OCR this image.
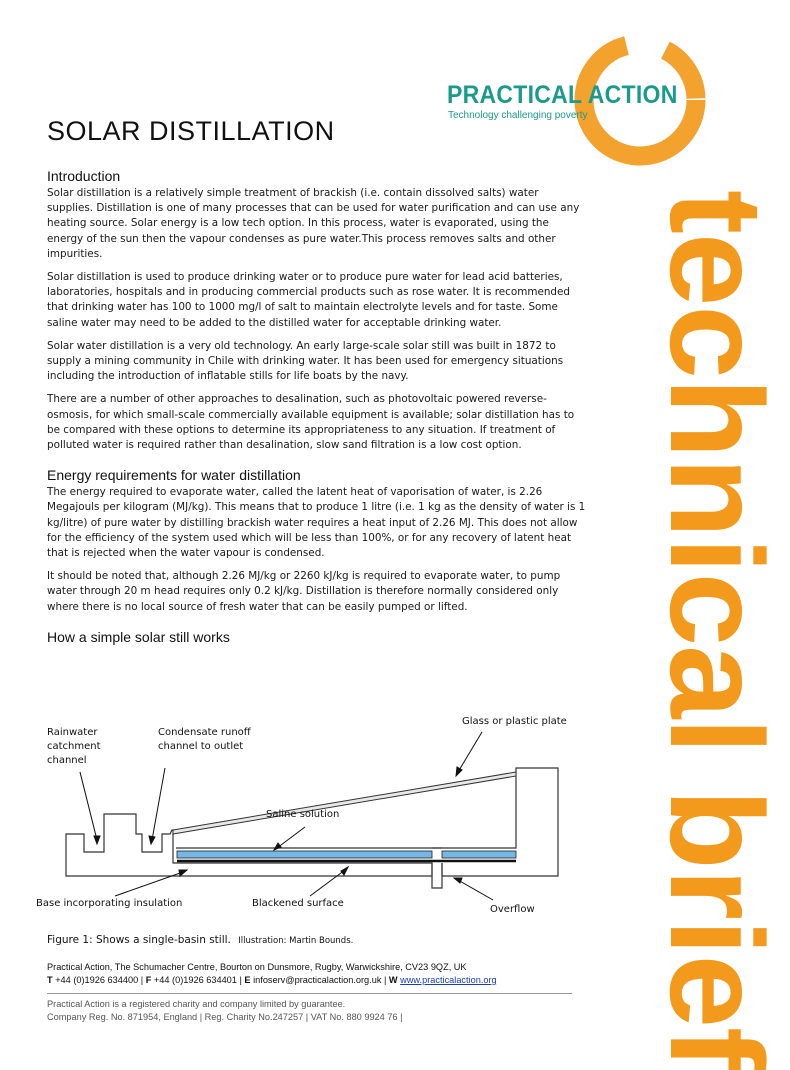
PRACTICAL ACTION
Technology challenging poverty
technical brief
SOLAR DISTILLATION
Introduction

Solar distillation is a relatively simple treatment of brackish (i.e. contain dissolved salts) water supplies. Distillation is one of many processes that can be used for water purification and can use any heating source. Solar energy is a low tech option. In this process, water is evaporated, using the energy of the sun then the vapour condenses as pure water.This process removes salts and other impurities.

Solar distillation is used to produce drinking water or to produce pure water for lead acid batteries, laboratories, hospitals and in producing commercial products such as rose water. It is recommended that drinking water has 100 to 1000 mg/l of salt to maintain electrolyte levels and for taste. Some saline water may need to be added to the distilled water for acceptable drinking water.

Solar water distillation is a very old technology. An early large-scale solar still was built in 1872 to supply a mining community in Chile with drinking water. It has been used for emergency situations including the introduction of inflatable stills for life boats by the navy.

There are a number of other approaches to desalination, such as photovoltaic powered reverse-osmosis, for which small-scale commercially available equipment is available; solar distillation has to be compared with these options to determine its appropriateness to any situation. If treatment of polluted water is required rather than desalination, slow sand filtration is a low cost option.

Energy requirements for water distillation

The energy required to evaporate water, called the latent heat of vaporisation of water, is 2.26 Megajouls per kilogram (MJ/kg). This means that to produce 1 litre (i.e. 1 kg as the density of water is 1 kg/litre) of pure water by distilling brackish water requires a heat input of 2.26 MJ. This does not allow for the efficiency of the system used which will be less than 100%, or for any recovery of latent heat that is rejected when the water vapour is condensed.

It should be noted that, although 2.26 MJ/kg or 2260 kJ/kg is required to evaporate water, to pump water through 20 m head requires only 0.2 kJ/kg. Distillation is therefore normally considered only where there is no local source of fresh water that can be easily pumped or lifted.

How a simple solar still works
Rainwater
catchment
channel
Condensate runoff
channel to outlet
Glass or plastic plate
Saline solution
Base incorporating insulation	Blackened surface
Overflow
Figure 1: Shows a single-basin still. Illustration: Martin Bounds.
Practical Action, The Schumacher Centre, Bourton on Dunsmore, Rugby, Warwickshire, CV23 9QZ, UK
T +44 (0)1926 634400 | F +44 (0)1926 634401 | E infoserv@practicalaction.org.uk | W www.practicalaction.org
Practical Action is a registered charity and company limited by guarantee.
Company Reg. No. 871954, England | Reg. Charity No.247257 | VAT No. 880 9924 76 |
